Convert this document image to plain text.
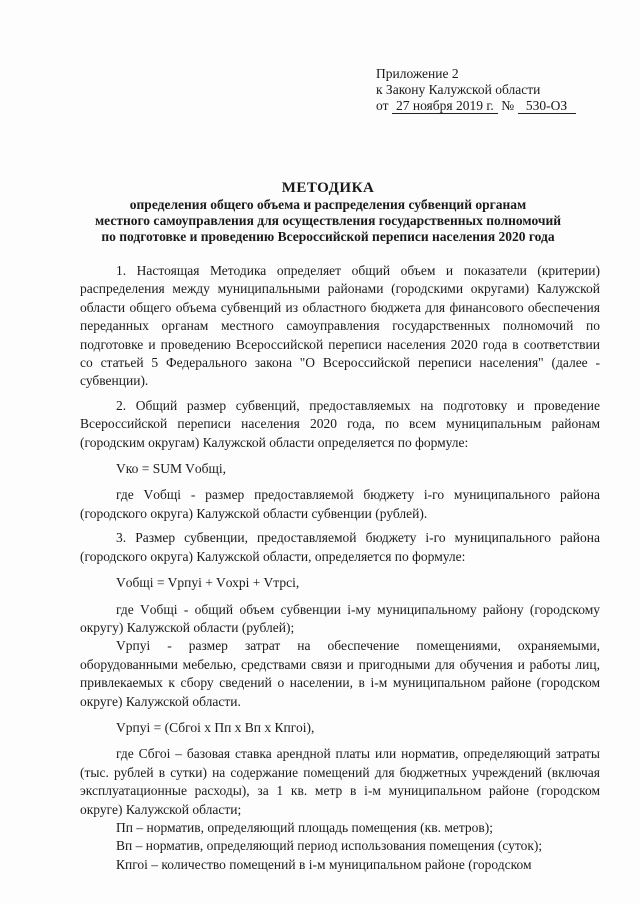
Приложение 2
к Закону Калужской области
от 27 ноября 2019 г. № 530-ОЗ
МЕТОДИКА
определения общего объема и распределения субвенций органам
местного самоуправления для осуществления государственных полномочий
по подготовке и проведению Всероссийской переписи населения 2020 года

1. Настоящая Методика определяет общий объем и показатели (критерии) распределения между муниципальными районами (городскими округами) Калужской области общего объема субвенций из областного бюджета для финансового обеспечения переданных органам местного самоуправления государственных полномочий по подготовке и проведению Всероссийской переписи населения 2020 года в соответствии со статьей 5 Федерального закона "О Всероссийской переписи населения" (далее - субвенции).

2. Общий размер субвенций, предоставляемых на подготовку и проведение Всероссийской переписи населения 2020 года, по всем муниципальным районам (городским округам) Калужской области определяется по формуле:

Vко = SUM Vобщi,

где Vобщi - размер предоставляемой бюджету i-го муниципального района (городского округа) Калужской области субвенции (рублей).

3. Размер субвенции, предоставляемой бюджету i-го муниципального района (городского округа) Калужской области, определяется по формуле:

Vобщi = Vрпуi + Vохрi + Vтрсi,

где Vобщi - общий объем субвенции i-му муниципальному району (городскому округу) Калужской области (рублей);

Vрпуi - размер затрат на обеспечение помещениями, охраняемыми, оборудованными мебелью, средствами связи и пригодными для обучения и работы лиц, привлекаемых к сбору сведений о населении, в i-м муниципальном районе (городском округе) Калужской области.

Vрпуi = (Сбгоi х Пп х Вп х Кпгоi),

где Сбгоi – базовая ставка арендной платы или норматив, определяющий затраты (тыс. рублей в сутки) на содержание помещений для бюджетных учреждений (включая эксплуатационные расходы), за 1 кв. метр в i-м муниципальном районе (городском округе) Калужской области;

Пп – норматив, определяющий площадь помещения (кв. метров);

Вп – норматив, определяющий период использования помещения (суток);

Кпгоi – количество помещений в i-м муниципальном районе (городском
